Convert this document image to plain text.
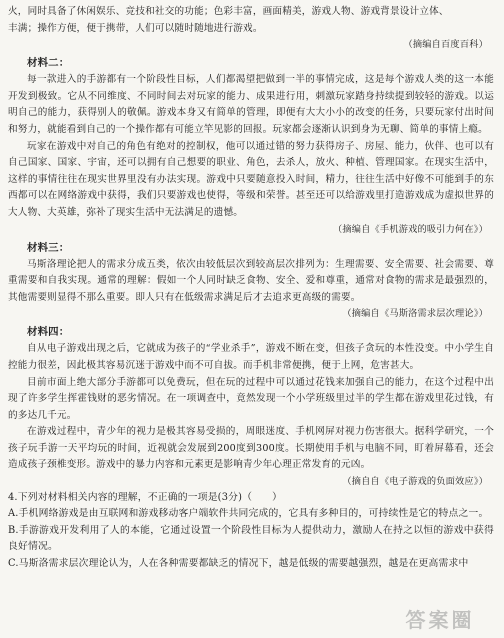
火，同时具备了休闲娱乐、竞技和社交的功能；色彩丰富，画面精美，游戏人物、游戏背景设计立体、

丰满；操作方便，便于携带，人们可以随时随地进行游戏。

（摘编自百度百科）

材料二：

每一款进入的手游都有一个阶段性目标，人们都渴望把做到一半的事情完成，这是每个游戏人类的这一本能开发到极致。它从不同维度、不同时间去对玩家的能力、成果进行用，刺激玩家踏身持续提到较轻的游戏。以运明自己的能力，获得别人的敬佩。游戏本身又有简单的管理，即便有大大小小的改变的任务，只要玩家付出时间和努力，就能看到自己的一个操作都有可能立竿见影的回报。玩家都会逐渐认识到身为无聊、简单的事情上瘾。

玩家在游戏中对自己的角色有绝对的控制权，他可以通过错的努力获得房子、房屋、能力，伙伴、也可以有自己国家、国家、宇宙，还可以拥有自己想要的职业、角色，去杀人，放火、种植、管理国家。在现实生活中，这样的事情往往在现实世界里没有办法实现。游戏中只要随意投入时间，精力，往往生活中好像不可能到手的东西都可以在网络游戏中获得，我们只要游戏也使得，等级和荣誉。甚至还可以给游戏里打造游戏成为虚拟世界的大人物、大英雄，弥补了现实生活中无法满足的遗憾。

（摘编自《手机游戏的吸引力何在》）

材料三：

马斯洛理论把人的需求分成五类，依次由较低层次到较高层次排列为：生理需要、安全需要、社会需要、尊重需要和自我实现。通常的理解：假如一个人同时缺乏食物、安全、爱和尊重，通常对食物的需求是最强烈的，其他需要则显得不那么重要。即人只有在低级需求满足后才去追求更高级的需要。

（摘编自《马斯洛需求层次理论》）

材料四：

自从电子游戏出现之后，它就成为孩子的“学业杀手”，游戏不断在变，但孩子贪玩的本性没变。中小学生自控能力很差，因此极其容易沉迷于游戏中而不可自拔。而手机非常便携，便于上网，危害甚大。

目前市面上绝大部分手游都可以免费玩，但在玩的过程中可以通过花钱来加强自己的能力，在这个过程中出现了许多学生挥霍钱财的恶劣情况。在一项调查中，竟然发现一个小学班级里过半的学生都在游戏里花过钱，有的多达几千元。

在游戏过程中，青少年的视力是极其容易受损的，周眼迷度、手机网屏对视力伤害很大。据科学研究，一个孩子玩手游一天平均玩的时间，近视就会发展到200度到300度。长期使用手机与电脑不同，盯着屏幕看，还会造成孩子颈椎变形。游戏中的暴力内容和元素更是影响青少年心理正常发育的元凶。

（摘自自《电子游戏的负面效应》）

4.下列对材料相关内容的理解，不正确的一项是(3分)（　　）

A.手机网络游戏是由互联网和游戏移动客户端软件共同完成的，它具有多种目的，可持续性是它的特点之一。

B.手游游戏开发利用了人的本能，它通过设置一个阶段性目标为人提供动力，激励人在持之以恒的游戏中获得良好情况。

C.马斯洛需求层次理论认为，人在各种需要都缺乏的情况下，越是低级的需要越强烈，越是在更高需求中

答案圈
